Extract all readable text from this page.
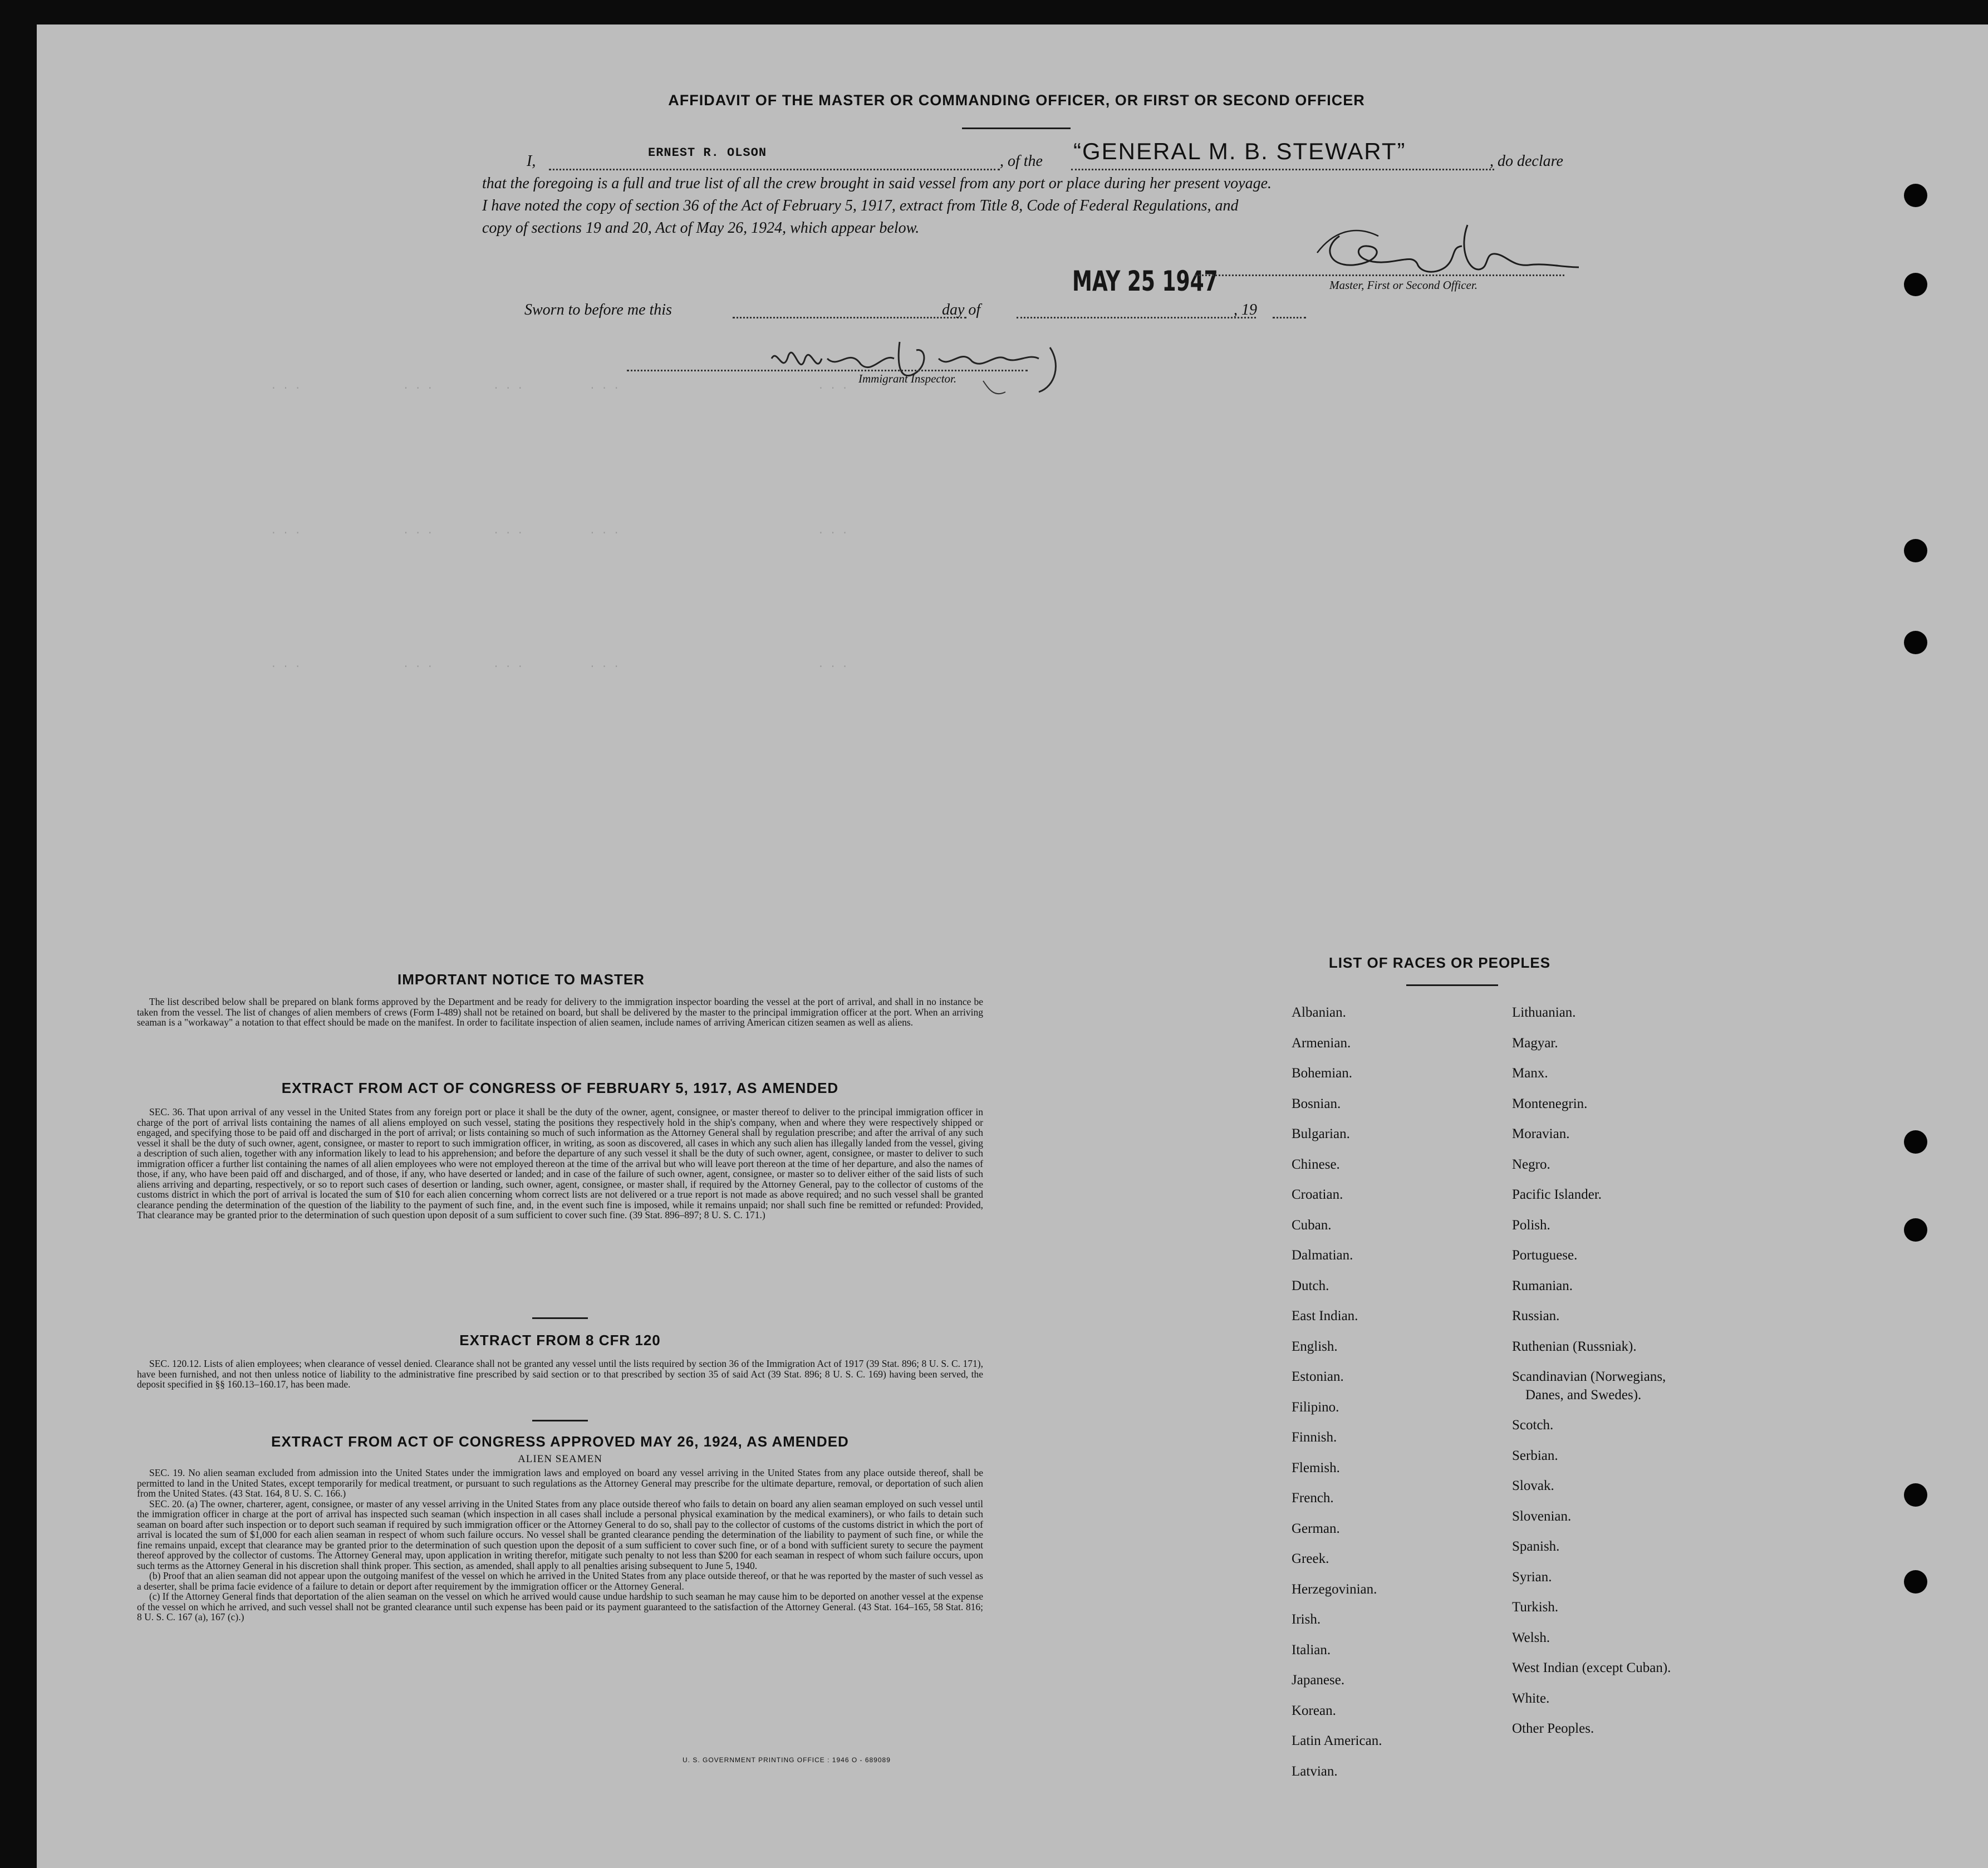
. . .                 . . .          . . .           . . .                                 . . .
. . .                 . . .          . . .           . . .                                 . . .
. . .                 . . .          . . .           . . .                                 . . .
AFFIDAVIT OF THE MASTER OR COMMANDING OFFICER, OR FIRST OR SECOND OFFICER
I,	ERNEST R. OLSON	, of the “GENERAL M. B. STEWART”	, do declare
that the foregoing is a full and true list of all the crew brought in said vessel from any port or place during her present voyage.
I have noted the copy of section 36 of the Act of February 5, 1917, extract from Title 8, Code of Federal Regulations, and
copy of sections 19 and 20, Act of May 26, 1924, which appear below.
MAY 25 1947	Master, First or Second Officer.
Sworn to before me this	day of	, 19
Immigrant Inspector.
IMPORTANT NOTICE TO MASTER

The list described below shall be prepared on blank forms approved by the Department and be ready for delivery to the immigration inspector boarding the vessel at the port of arrival, and shall in no instance be taken from the vessel. The list of changes of alien members of crews (Form I-489) shall not be retained on board, but shall be delivered by the master to the principal immigration officer at the port. When an arriving seaman is a "workaway" a notation to that effect should be made on the manifest. In order to facilitate inspection of alien seamen, include names of arriving American citizen seamen as well as aliens.

EXTRACT FROM ACT OF CONGRESS OF FEBRUARY 5, 1917, AS AMENDED

SEC. 36. That upon arrival of any vessel in the United States from any foreign port or place it shall be the duty of the owner, agent, consignee, or master thereof to deliver to the principal immigration officer in charge of the port of arrival lists containing the names of all aliens employed on such vessel, stating the positions they respectively hold in the ship's company, when and where they were respectively shipped or engaged, and specifying those to be paid off and discharged in the port of arrival; or lists containing so much of such information as the Attorney General shall by regulation prescribe; and after the arrival of any such vessel it shall be the duty of such owner, agent, consignee, or master to report to such immigration officer, in writing, as soon as discovered, all cases in which any such alien has illegally landed from the vessel, giving a description of such alien, together with any information likely to lead to his apprehension; and before the departure of any such vessel it shall be the duty of such owner, agent, consignee, or master to deliver to such immigration officer a further list containing the names of all alien employees who were not employed thereon at the time of the arrival but who will leave port thereon at the time of her departure, and also the names of those, if any, who have been paid off and discharged, and of those, if any, who have deserted or landed; and in case of the failure of such owner, agent, consignee, or master so to deliver either of the said lists of such aliens arriving and departing, respectively, or so to report such cases of desertion or landing, such owner, agent, consignee, or master shall, if required by the Attorney General, pay to the collector of customs of the customs district in which the port of arrival is located the sum of $10 for each alien concerning whom correct lists are not delivered or a true report is not made as above required; and no such vessel shall be granted clearance pending the determination of the question of the liability to the payment of such fine, and, in the event such fine is imposed, while it remains unpaid; nor shall such fine be remitted or refunded: Provided, That clearance may be granted prior to the determination of such question upon deposit of a sum sufficient to cover such fine. (39 Stat. 896–897; 8 U. S. C. 171.)

EXTRACT FROM 8 CFR 120

SEC. 120.12. Lists of alien employees; when clearance of vessel denied. Clearance shall not be granted any vessel until the lists required by section 36 of the Immigration Act of 1917 (39 Stat. 896; 8 U. S. C. 171), have been furnished, and not then unless notice of liability to the administrative fine prescribed by said section or to that prescribed by section 35 of said Act (39 Stat. 896; 8 U. S. C. 169) having been served, the deposit specified in §§ 160.13–160.17, has been made.

EXTRACT FROM ACT OF CONGRESS APPROVED MAY 26, 1924, AS AMENDED
ALIEN SEAMEN

SEC. 19. No alien seaman excluded from admission into the United States under the immigration laws and employed on board any vessel arriving in the United States from any place outside thereof, shall be permitted to land in the United States, except temporarily for medical treatment, or pursuant to such regulations as the Attorney General may prescribe for the ultimate departure, removal, or deportation of such alien from the United States. (43 Stat. 164, 8 U. S. C. 166.)

SEC. 20. (a) The owner, charterer, agent, consignee, or master of any vessel arriving in the United States from any place outside thereof who fails to detain on board any alien seaman employed on such vessel until the immigration officer in charge at the port of arrival has inspected such seaman (which inspection in all cases shall include a personal physical examination by the medical examiners), or who fails to detain such seaman on board after such inspection or to deport such seaman if required by such immigration officer or the Attorney General to do so, shall pay to the collector of customs of the customs district in which the port of arrival is located the sum of $1,000 for each alien seaman in respect of whom such failure occurs. No vessel shall be granted clearance pending the determination of the liability to payment of such fine, or while the fine remains unpaid, except that clearance may be granted prior to the determination of such question upon the deposit of a sum sufficient to cover such fine, or of a bond with sufficient surety to secure the payment thereof approved by the collector of customs. The Attorney General may, upon application in writing therefor, mitigate such penalty to not less than $200 for each seaman in respect of whom such failure occurs, upon such terms as the Attorney General in his discretion shall think proper. This section, as amended, shall apply to all penalties arising subsequent to June 5, 1940.

(b) Proof that an alien seaman did not appear upon the outgoing manifest of the vessel on which he arrived in the United States from any place outside thereof, or that he was reported by the master of such vessel as a deserter, shall be prima facie evidence of a failure to detain or deport after requirement by the immigration officer or the Attorney General.

(c) If the Attorney General finds that deportation of the alien seaman on the vessel on which he arrived would cause undue hardship to such seaman he may cause him to be deported on another vessel at the expense of the vessel on which he arrived, and such vessel shall not be granted clearance until such expense has been paid or its payment guaranteed to the satisfaction of the Attorney General. (43 Stat. 164–165, 58 Stat. 816; 8 U. S. C. 167 (a), 167 (c).)

U. S. GOVERNMENT PRINTING OFFICE : 1946 O - 689089
LIST OF RACES OR PEOPLES
Albanian.
Armenian.
Bohemian.
Bosnian.
Bulgarian.
Chinese.
Croatian.
Cuban.
Dalmatian.
Dutch.
East Indian.
English.
Estonian.
Filipino.
Finnish.
Flemish.
French.
German.
Greek.
Herzegovinian.
Irish.
Italian.
Japanese.
Korean.
Latin American.
Latvian.
Lithuanian.
Magyar.
Manx.
Montenegrin.
Moravian.
Negro.
Pacific Islander.
Polish.
Portuguese.
Rumanian.
Russian.
Ruthenian (Russniak).
Scandinavian (Norwegians,
Danes, and Swedes).
Scotch.
Serbian.
Slovak.
Slovenian.
Spanish.
Syrian.
Turkish.
Welsh.
West Indian (except Cuban).
White.
Other Peoples.
